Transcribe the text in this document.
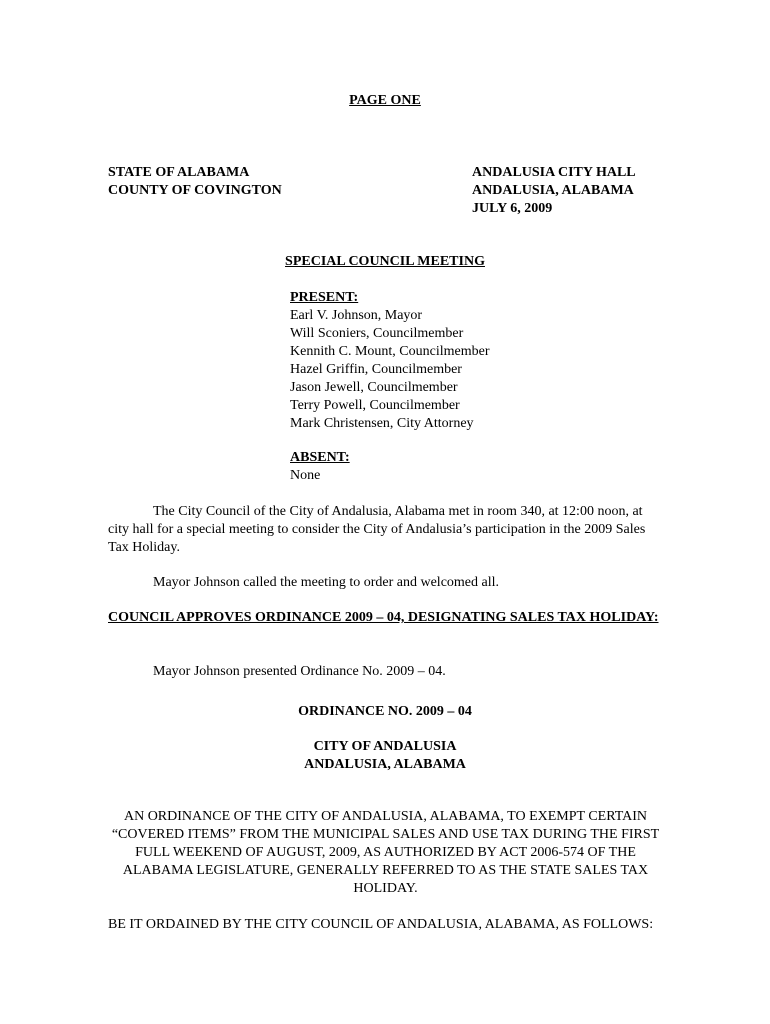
PAGE ONE
STATE OF ALABAMA
COUNTY OF COVINGTON
ANDALUSIA CITY HALL
ANDALUSIA, ALABAMA
JULY 6, 2009
SPECIAL COUNCIL MEETING
PRESENT:
Earl V. Johnson, Mayor
Will Sconiers, Councilmember
Kennith C. Mount, Councilmember
Hazel Griffin, Councilmember
Jason Jewell, Councilmember
Terry Powell, Councilmember
Mark Christensen, City Attorney
ABSENT:
None
The City Council of the City of Andalusia, Alabama met in room 340, at 12:00 noon, at city hall for a special meeting to consider the City of Andalusia’s participation in the 2009 Sales Tax Holiday.
Mayor Johnson called the meeting to order and welcomed all.
COUNCIL APPROVES ORDINANCE 2009 – 04, DESIGNATING SALES TAX HOLIDAY:
Mayor Johnson presented Ordinance No. 2009 – 04.
ORDINANCE NO. 2009 – 04
CITY OF ANDALUSIA
ANDALUSIA, ALABAMA
AN ORDINANCE OF THE CITY OF ANDALUSIA, ALABAMA, TO EXEMPT CERTAIN “COVERED ITEMS” FROM THE MUNICIPAL SALES AND USE TAX DURING THE FIRST FULL WEEKEND OF AUGUST, 2009, AS AUTHORIZED BY ACT 2006-574 OF THE ALABAMA LEGISLATURE, GENERALLY REFERRED TO AS THE STATE SALES TAX HOLIDAY.
BE IT ORDAINED BY THE CITY COUNCIL OF ANDALUSIA, ALABAMA, AS FOLLOWS:
